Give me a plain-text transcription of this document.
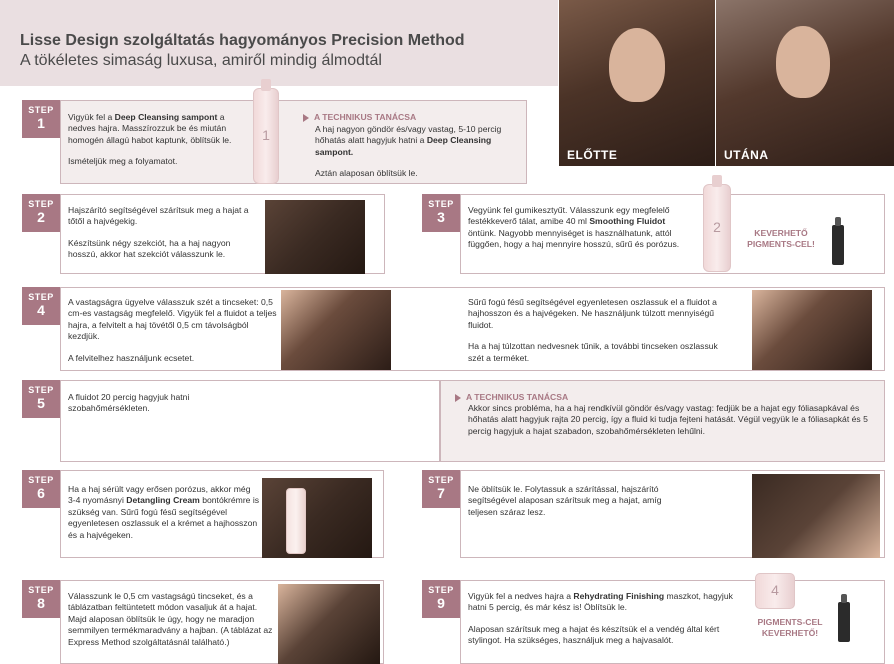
Lisse Design szolgáltatás hagyományos Precision Method
A tökéletes simaság luxusa, amiről mindig álmodtál
ELŐTTE	UTÁNA
STEP
1	Vigyük fel a Deep Cleansing sampont a nedves hajra. Masszírozzuk be és miután homogén állagú habot kaptunk, öblítsük le.

Ismételjük meg a folyamatot.

1
A TECHNIKUS TANÁCSA

A haj nagyon göndör és/vagy vastag, 5-10 percig hőhatás alatt hagyjuk hatni a Deep Cleansing sampont.

Aztán alaposan öblítsük le.

STEP
2	Hajszárító segítségével szárítsuk meg a hajat a tőtől a hajvégekig.

Készítsünk négy szekciót, ha a haj nagyon hosszú, akkor hat szekciót válasszunk le.

STEP
3	Vegyünk fel gumikesztyűt. Válasszunk egy megfelelő festékkeverő tálat, amibe 40 ml Smoothing Fluidot öntünk. Nagyobb mennyiséget is használhatunk, attól függően, hogy a haj mennyire hosszú, sűrű és porózus.

2	KEVERHETŐ PIGMENTS-CEL!
STEP
4	A vastagságra ügyelve válasszuk szét a tincseket: 0,5 cm-es vastagság megfelelő. Vigyük fel a fluidot a teljes hajra, a felvitelt a haj tövétől 0,5 cm távolságból kezdjük.

A felvitelhez használjunk ecsetet.

Sűrű fogú fésű segítségével egyenletesen oszlassuk el a fluidot a hajhosszon és a hajvégeken. Ne használjunk túlzott mennyiségű fluidot.

Ha a haj túlzottan nedvesnek tűnik, a további tincseken oszlassuk szét a terméket.

STEP
5	A fluidot 20 percig hagyjuk hatni szobahőmérsékleten.

A TECHNIKUS TANÁCSA

Akkor sincs probléma, ha a haj rendkívül göndör és/vagy vastag: fedjük be a hajat egy fóliasapkával és hőhatás alatt hagyjuk rajta 20 percig, így a fluid ki tudja fejteni hatását. Végül vegyük le a fóliasapkát és 5 percig hagyjuk a hajat szabadon, szobahőmérsékleten lehűlni.

STEP
6	Ha a haj sérült vagy erősen porózus, akkor még 3-4 nyomásnyi Detangling Cream bontókrémre is szükség van. Sűrű fogú fésű segítségével egyenletesen oszlassuk el a krémet a hajhosszon és a hajvégeken.

STEP
7	Ne öblítsük le. Folytassuk a szárítással, hajszárító segítségével alaposan szárítsuk meg a hajat, amíg teljesen száraz lesz.

STEP
8	Válasszunk le 0,5 cm vastagságú tincseket, és a táblázatban feltüntetett módon vasaljuk át a hajat. Majd alaposan öblítsük le úgy, hogy ne maradjon semmilyen termékmaradvány a hajban. (A táblázat az Express Method szolgáltatásnál található.)

STEP
9	Vigyük fel a nedves hajra a Rehydrating Finishing maszkot, hagyjuk hatni 5 percig, és már kész is! Öblítsük le.

Alaposan szárítsuk meg a hajat és készítsük el a vendég által kért stylingot. Ha szükséges, használjuk meg a hajvasalót.

4
PIGMENTS-CEL KEVERHETŐ!
